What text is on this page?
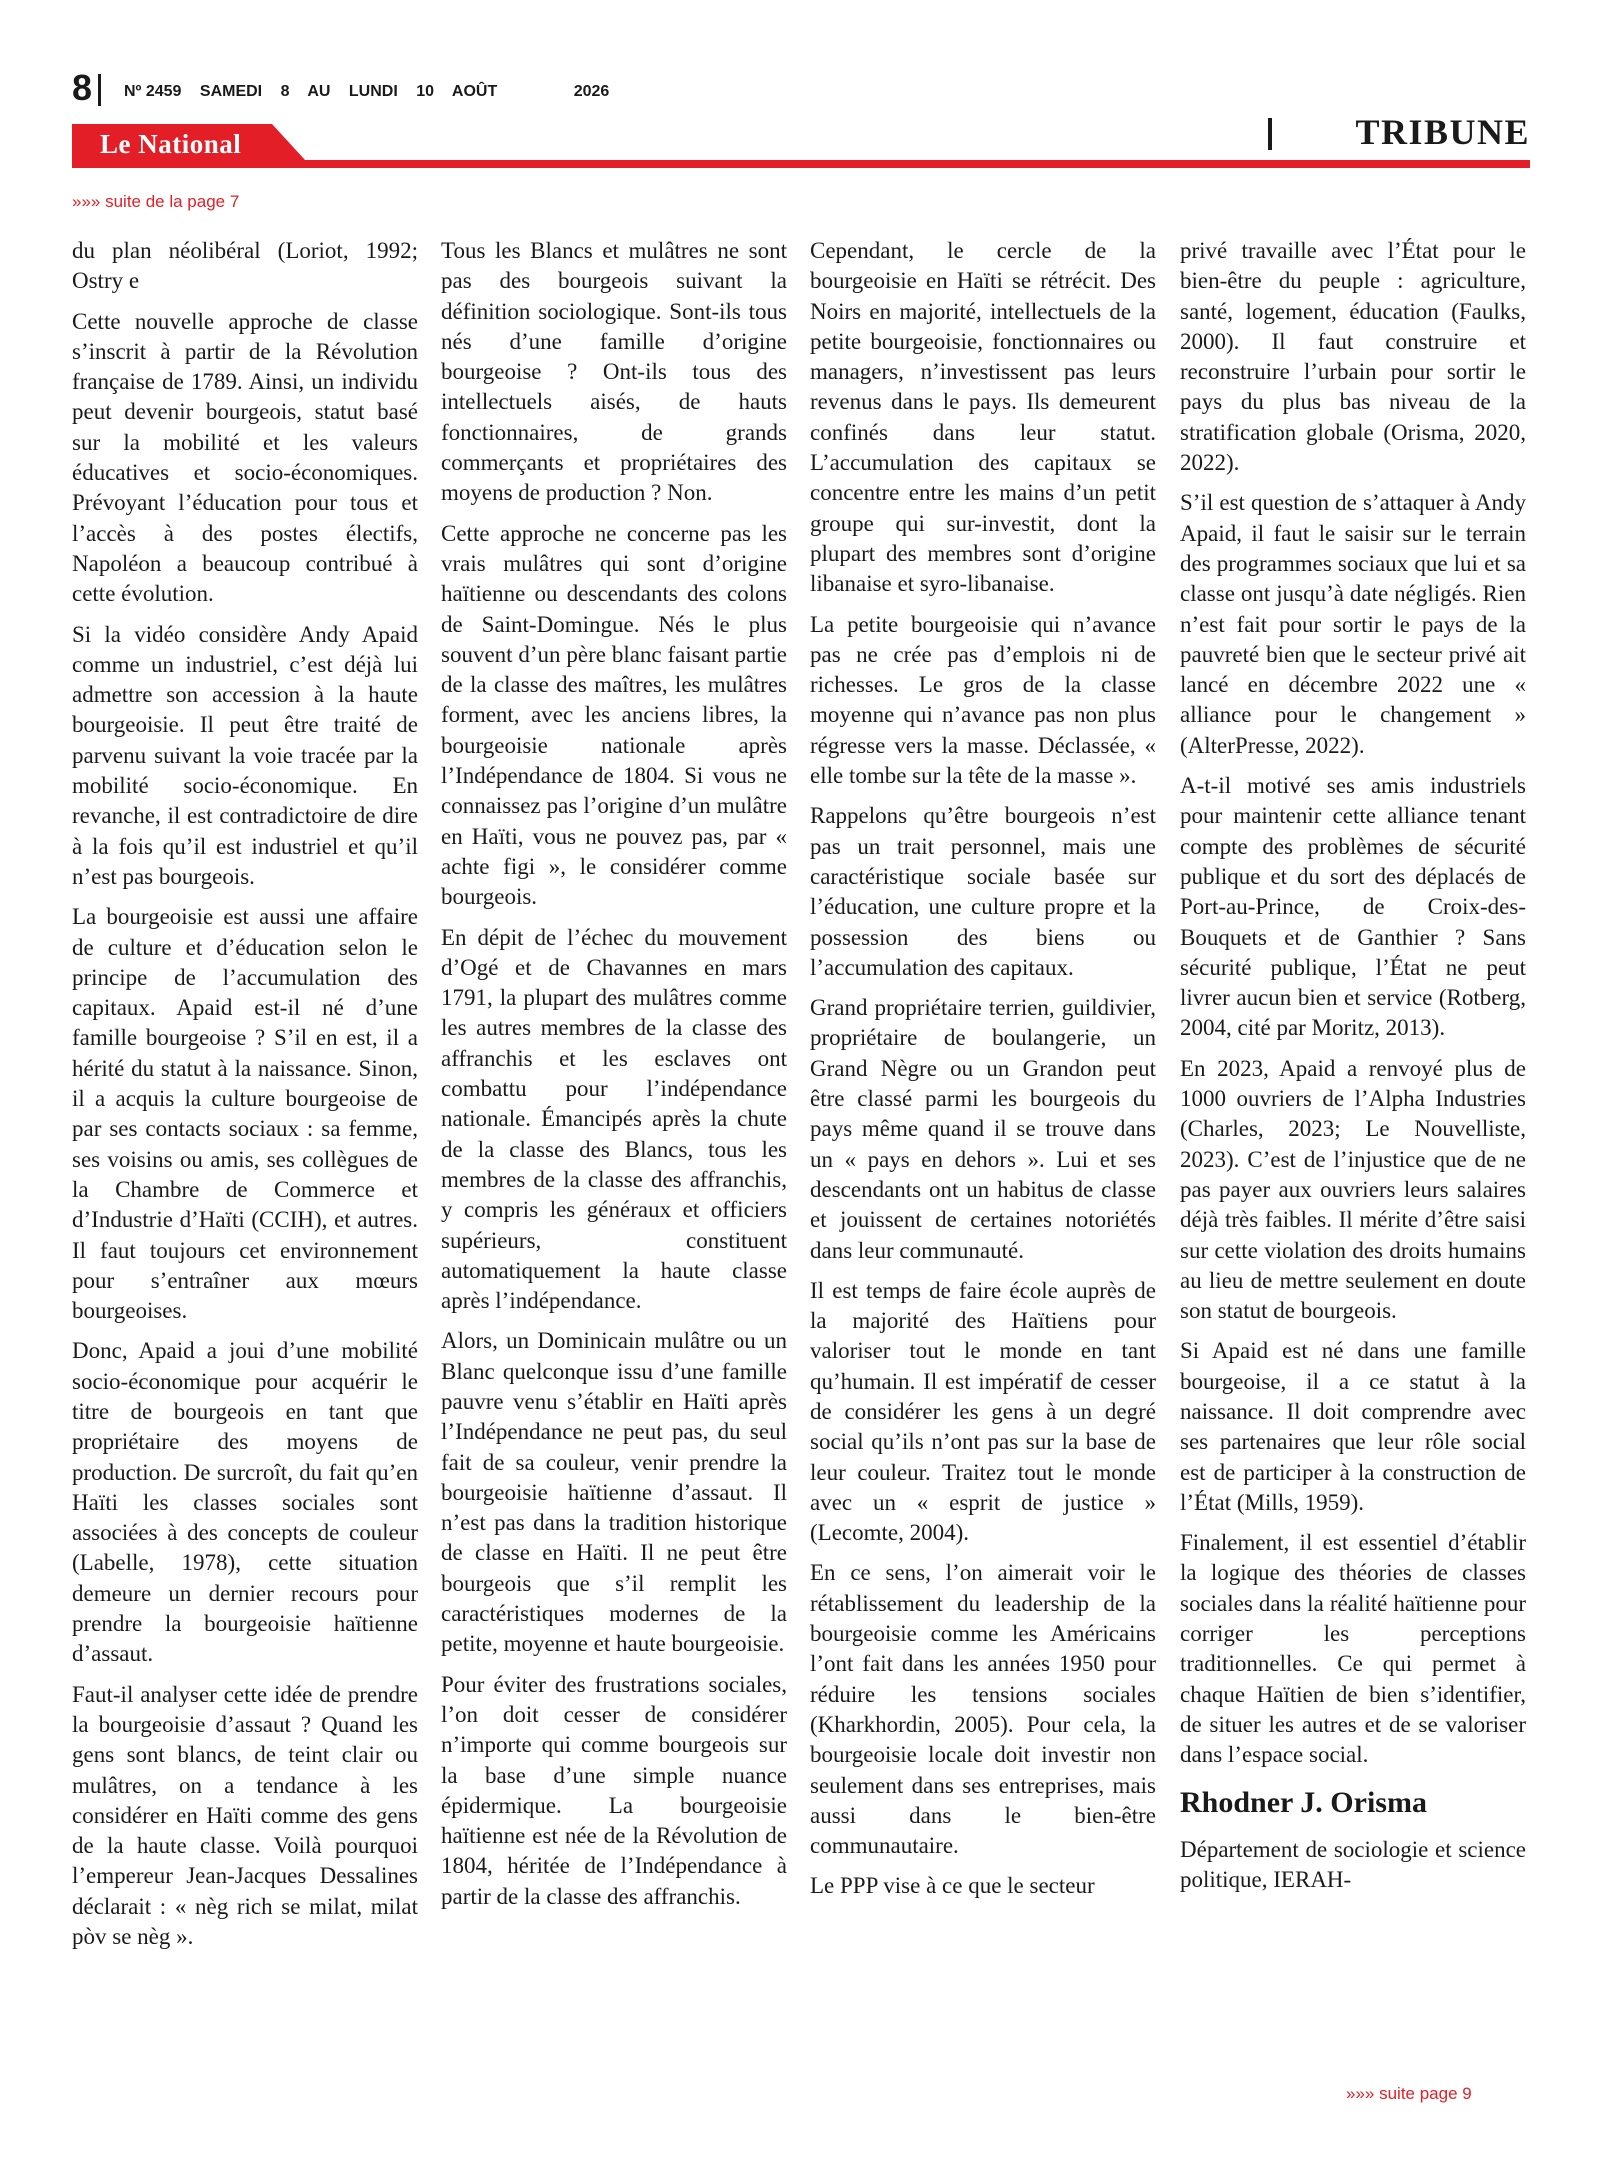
8 Nº 2459 SAMEDI 8 AU LUNDI 10 AOÛT	2026
Le National	TRIBUNE
»»» suite de la page 7

du plan néolibéral (Loriot, 1992; Ostry e

Cette nouvelle approche de classe s’inscrit à partir de la Révolution française de 1789. Ainsi, un individu peut devenir bourgeois, statut basé sur la mobilité et les valeurs éducatives et socio-économiques. Prévoyant l’éducation pour tous et l’accès à des postes électifs, Napoléon a beaucoup contribué à cette évolution.

Si la vidéo considère Andy Apaid comme un industriel, c’est déjà lui admettre son accession à la haute bourgeoisie. Il peut être traité de parvenu suivant la voie tracée par la mobilité socio-économique. En revanche, il est contradictoire de dire à la fois qu’il est industriel et qu’il n’est pas bourgeois.

La bourgeoisie est aussi une affaire de culture et d’éducation selon le principe de l’accumulation des capitaux. Apaid est-il né d’une famille bourgeoise ? S’il en est, il a hérité du statut à la naissance. Sinon, il a acquis la culture bourgeoise de par ses contacts sociaux : sa femme, ses voisins ou amis, ses collègues de la Chambre de Commerce et d’Industrie d’Haïti (CCIH), et autres. Il faut toujours cet environnement pour s’entraîner aux mœurs bourgeoises.

Donc, Apaid a joui d’une mobilité socio-économique pour acquérir le titre de bourgeois en tant que propriétaire des moyens de production. De surcroît, du fait qu’en Haïti les classes sociales sont associées à des concepts de couleur (Labelle, 1978), cette situation demeure un dernier recours pour prendre la bourgeoisie haïtienne d’assaut.

Faut-il analyser cette idée de prendre la bourgeoisie d’assaut ? Quand les gens sont blancs, de teint clair ou mulâtres, on a tendance à les considérer en Haïti comme des gens de la haute classe. Voilà pourquoi l’empereur Jean-Jacques Dessalines déclarait : « nèg rich se milat, milat pòv se nèg ».

Tous les Blancs et mulâtres ne sont pas des bourgeois suivant la définition sociologique. Sont-ils tous nés d’une famille d’origine bourgeoise ? Ont-ils tous des intellectuels aisés, de hauts fonctionnaires, de grands commerçants et propriétaires des moyens de production ? Non.

Cette approche ne concerne pas les vrais mulâtres qui sont d’origine haïtienne ou descendants des colons de Saint-Domingue. Nés le plus souvent d’un père blanc faisant partie de la classe des maîtres, les mulâtres forment, avec les anciens libres, la bourgeoisie nationale après l’Indépendance de 1804. Si vous ne connaissez pas l’origine d’un mulâtre en Haïti, vous ne pouvez pas, par « achte figi », le considérer comme bourgeois.

En dépit de l’échec du mouvement d’Ogé et de Chavannes en mars 1791, la plupart des mulâtres comme les autres membres de la classe des affranchis et les esclaves ont combattu pour l’indépendance nationale. Émancipés après la chute de la classe des Blancs, tous les membres de la classe des affranchis, y compris les généraux et officiers supérieurs, constituent automatiquement la haute classe après l’indépendance.

Alors, un Dominicain mulâtre ou un Blanc quelconque issu d’une famille pauvre venu s’établir en Haïti après l’Indépendance ne peut pas, du seul fait de sa couleur, venir prendre la bourgeoisie haïtienne d’assaut. Il n’est pas dans la tradition historique de classe en Haïti. Il ne peut être bourgeois que s’il remplit les caractéristiques modernes de la petite, moyenne et haute bourgeoisie.

Pour éviter des frustrations sociales, l’on doit cesser de considérer n’importe qui comme bourgeois sur la base d’une simple nuance épidermique. La bourgeoisie haïtienne est née de la Révolution de 1804, héritée de l’Indépendance à partir de la classe des affranchis.

Cependant, le cercle de la bourgeoisie en Haïti se rétrécit. Des Noirs en majorité, intellectuels de la petite bourgeoisie, fonctionnaires ou managers, n’investissent pas leurs revenus dans le pays. Ils demeurent confinés dans leur statut. L’accumulation des capitaux se concentre entre les mains d’un petit groupe qui sur-investit, dont la plupart des membres sont d’origine libanaise et syro-libanaise.

La petite bourgeoisie qui n’avance pas ne crée pas d’emplois ni de richesses. Le gros de la classe moyenne qui n’avance pas non plus régresse vers la masse. Déclassée, « elle tombe sur la tête de la masse ».

Rappelons qu’être bourgeois n’est pas un trait personnel, mais une caractéristique sociale basée sur l’éducation, une culture propre et la possession des biens ou l’accumulation des capitaux.

Grand propriétaire terrien, guildivier, propriétaire de boulangerie, un Grand Nègre ou un Grandon peut être classé parmi les bourgeois du pays même quand il se trouve dans un « pays en dehors ». Lui et ses descendants ont un habitus de classe et jouissent de certaines notoriétés dans leur communauté.

Il est temps de faire école auprès de la majorité des Haïtiens pour valoriser tout le monde en tant qu’humain. Il est impératif de cesser de considérer les gens à un degré social qu’ils n’ont pas sur la base de leur couleur. Traitez tout le monde avec un « esprit de justice » (Lecomte, 2004).

En ce sens, l’on aimerait voir le rétablissement du leadership de la bourgeoisie comme les Américains l’ont fait dans les années 1950 pour réduire les tensions sociales (Kharkhordin, 2005). Pour cela, la bourgeoisie locale doit investir non seulement dans ses entreprises, mais aussi dans le bien-être communautaire.

Le PPP vise à ce que le secteur

privé travaille avec l’État pour le bien-être du peuple : agriculture, santé, logement, éducation (Faulks, 2000). Il faut construire et reconstruire l’urbain pour sortir le pays du plus bas niveau de la stratification globale (Orisma, 2020, 2022).

S’il est question de s’attaquer à Andy Apaid, il faut le saisir sur le terrain des programmes sociaux que lui et sa classe ont jusqu’à date négligés. Rien n’est fait pour sortir le pays de la pauvreté bien que le secteur privé ait lancé en décembre 2022 une « alliance pour le changement » (AlterPresse, 2022).

A-t-il motivé ses amis industriels pour maintenir cette alliance tenant compte des problèmes de sécurité publique et du sort des déplacés de Port-au-Prince, de Croix-des-Bouquets et de Ganthier ? Sans sécurité publique, l’État ne peut livrer aucun bien et service (Rotberg, 2004, cité par Moritz, 2013).

En 2023, Apaid a renvoyé plus de 1000 ouvriers de l’Alpha Industries (Charles, 2023; Le Nouvelliste, 2023). C’est de l’injustice que de ne pas payer aux ouvriers leurs salaires déjà très faibles. Il mérite d’être saisi sur cette violation des droits humains au lieu de mettre seulement en doute son statut de bourgeois.

Si Apaid est né dans une famille bourgeoise, il a ce statut à la naissance. Il doit comprendre avec ses partenaires que leur rôle social est de participer à la construction de l’État (Mills, 1959).

Finalement, il est essentiel d’établir la logique des théories de classes sociales dans la réalité haïtienne pour corriger les perceptions traditionnelles. Ce qui permet à chaque Haïtien de bien s’identifier, de situer les autres et de se valoriser dans l’espace social.

Rhodner J. Orisma

Département de sociologie et science politique, IERAH-

»»» suite page 9
